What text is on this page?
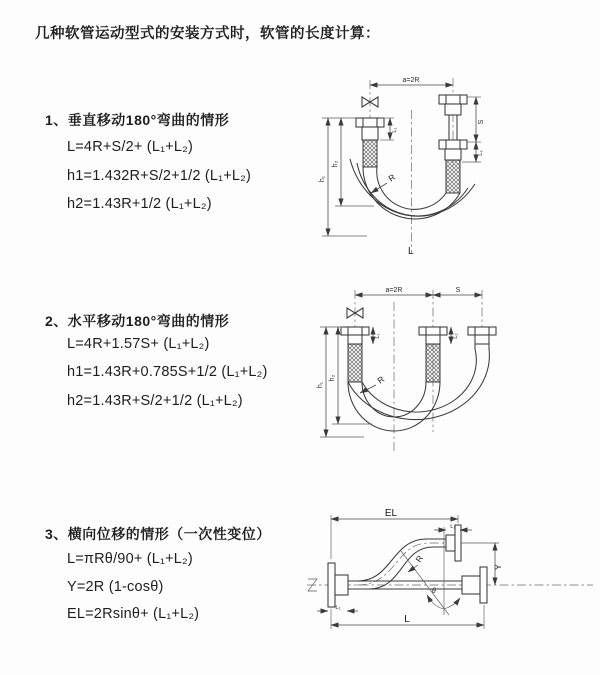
几种软管运动型式的安装方式时，软管的长度计算：
1、垂直移动180°弯曲的情形
L=4R+S/2+ (L₁+L₂)
h1=1.432R+S/2+1/2 (L₁+L₂)
h2=1.43R+1/2 (L₁+L₂)
2、水平移动180°弯曲的情形
L=4R+1.57S+ (L₁+L₂)
h1=1.43R+0.785S+1/2 (L₁+L₂)
h2=1.43R+S/2+1/2 (L₁+L₂)
3、横向位移的情形（一次性变位）
L=πRθ/90+ (L₁+L₂)
Y=2R (1-cosθ)
EL=2Rsinθ+ (L₁+L₂)
a=2R
S
L₂
L₁
h₁
h₂
R
L
a=2R	S
L₁	L₂
h₁
h₂	R
θ
R
EL
L₂
Y
L₁
L
